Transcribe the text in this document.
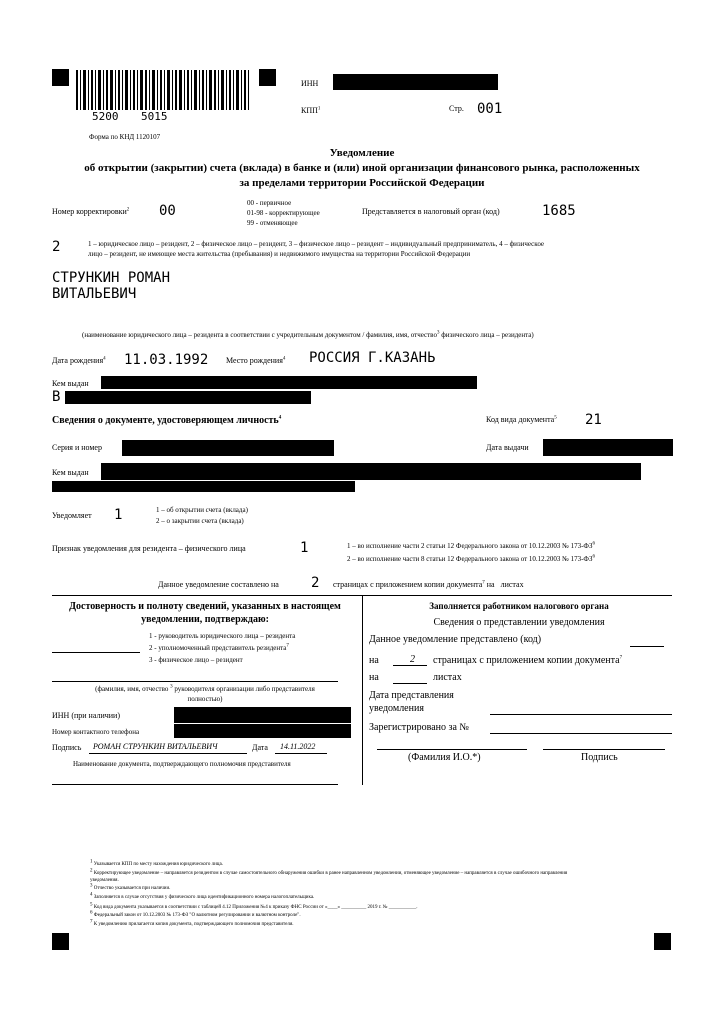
5200 5015
Форма по КНД 1120107
ИНН
КПП$^1$	Стр. 001
Уведомление
об открытии (закрытии) счета (вклада) в банке и (или) иной организации финансового рынка, расположенных
за пределами территории Российской Федерации
Номер корректировки$^2$ 00	00 - первичное
01-98 - корректирующее
99 - отменяющее
Представляется в налоговый орган (код)	1685
2	1 – юридическое лицо – резидент, 2 – физическое лицо – резидент, 3 – физическое лицо – резидент – индивидуальный предприниматель, 4 – физическое
лицо – резидент, не имеющее места жительства (пребывания) и недвижимого имущества на территории Российской Федерации
СТРУНКИН РОМАН
ВИТАЛЬЕВИЧ
(наименование юридического лица – резидента в соответствии с учредительным документом / фамилия, имя, отчество$^3$ физического лица – резидента)
Дата рождения$^4$ 11.03.1992 Место рождения$^4$ РОССИЯ Г.КАЗАНЬ
Кем выдан
В
Сведения о документе, удостоверяющем личность$^4$	Код вида документа$^5$ 21
Серия и номер	Дата выдачи
Кем выдан
Уведомляет 1	1 – об открытии счета (вклада)
2 – о закрытии счета (вклада)
Признак уведомления для резидента – физического лица	1	1 – во исполнение части 2 статьи 12 Федерального закона от 10.12.2003 № $173-ФЗ^6$
2 – во исполнение части 8 статьи 12 Федерального закона от 10.12.2003 № $173-ФЗ^6$
Данное уведомление составлено на 2 страницах с приложением копии документа$^7$ на листах
Достоверность и полноту сведений, указанных в настоящем
уведомлении, подтверждаю:
1 - руководитель юридического лица – резидента
2 - уполномоченный представитель резидента$^7$
3 - физическое лицо – резидент
(фамилия, имя, отчество $^3$ руководителя организации либо представителя
полностью)
ИНН (при наличии)
Номер контактного телефона
Подпись РОМАН СТРУНКИН ВИТАЛЬЕВИЧ	Дата 14.11.2022
Наименование документа, подтверждающего полномочия представителя
Заполняется работником налогового органа
Сведения о представлении уведомления
Данное уведомление представлено (код)
на	2 страницах с приложением копии документа$^7$
на	листах
Дата представления
уведомления
Зарегистрировано за №
(Фамилия И.О.*)	Подпись
$^1$ Указывается КПП по месту нахождения юридического лица.
$^2$ Корректирующее уведомление – направляется резидентом в случае самостоятельного обнаружения ошибки в ранее направленном уведомлении, отменяющее уведомление – направляется в случае ошибочного направления
уведомления.
$^3$ Отчество указывается при наличии.
$^4$ Заполняется в случае отсутствия у физического лица идентификационного номера налогоплательщика.
$^5$ Код вида документа указывается в соответствии с таблицей 4.12 Приложения №4 к приказу ФНС России от «____» __________ 2019 г. № ___________.
$^6$ Федеральный закон от 10.12.2003 № 173-ФЗ "О валютном регулировании и валютном контроле".
$^7$ К уведомлению прилагается копия документа, подтверждающего полномочия представителя.
